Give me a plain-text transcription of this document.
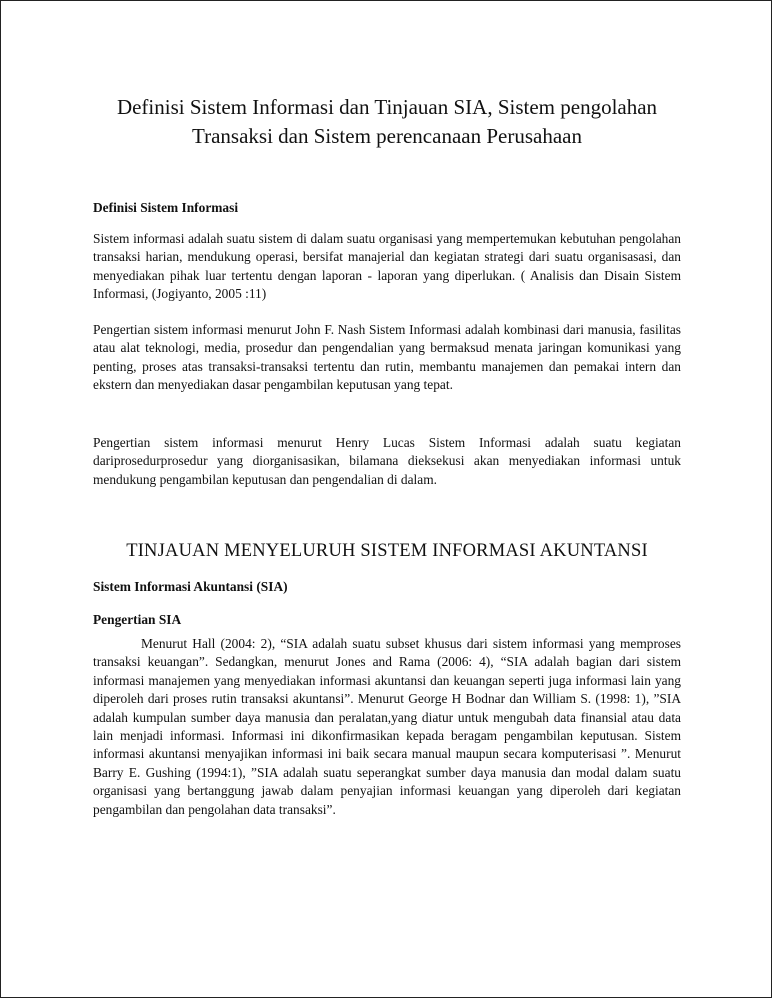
Definisi Sistem Informasi dan Tinjauan SIA, Sistem pengolahan
Transaksi dan Sistem perencanaan Perusahaan
Definisi Sistem Informasi

Sistem informasi adalah suatu sistem di dalam suatu organisasi yang mempertemukan kebutuhan pengolahan transaksi harian, mendukung operasi, bersifat manajerial dan kegiatan strategi dari suatu organisasasi, dan menyediakan pihak luar tertentu dengan laporan - laporan yang diperlukan. ( Analisis dan Disain Sistem Informasi, (Jogiyanto, 2005 :11)

Pengertian sistem informasi menurut John F. Nash Sistem Informasi adalah kombinasi dari manusia, fasilitas atau alat teknologi, media, prosedur dan pengendalian yang bermaksud menata jaringan komunikasi yang penting, proses atas transaksi-transaksi tertentu dan rutin, membantu manajemen dan pemakai intern dan ekstern dan menyediakan dasar pengambilan keputusan yang tepat.

Pengertian sistem informasi menurut Henry Lucas Sistem Informasi adalah suatu kegiatan dariprosedurprosedur yang diorganisasikan, bilamana dieksekusi akan menyediakan informasi untuk mendukung pengambilan keputusan dan pengendalian di dalam.

TINJAUAN MENYELURUH SISTEM INFORMASI AKUNTANSI
Sistem Informasi Akuntansi (SIA)
Pengertian SIA

Menurut Hall (2004: 2), “SIA adalah suatu subset khusus dari sistem informasi yang memproses transaksi keuangan”. Sedangkan, menurut Jones and Rama (2006: 4), “SIA adalah bagian dari sistem informasi manajemen yang menyediakan informasi akuntansi dan keuangan seperti juga informasi lain yang diperoleh dari proses rutin transaksi akuntansi”. Menurut George H Bodnar dan William S. (1998: 1), ”SIA adalah kumpulan sumber daya manusia dan peralatan,yang diatur untuk mengubah data finansial atau data lain menjadi informasi. Informasi ini dikonfirmasikan kepada beragam pengambilan keputusan. Sistem informasi akuntansi menyajikan informasi ini baik secara manual maupun secara komputerisasi ”. Menurut Barry E. Gushing (1994:1), ”SIA adalah suatu seperangkat sumber daya manusia dan modal dalam suatu organisasi yang bertanggung jawab dalam penyajian informasi keuangan yang diperoleh dari kegiatan pengambilan dan pengolahan data transaksi”.
